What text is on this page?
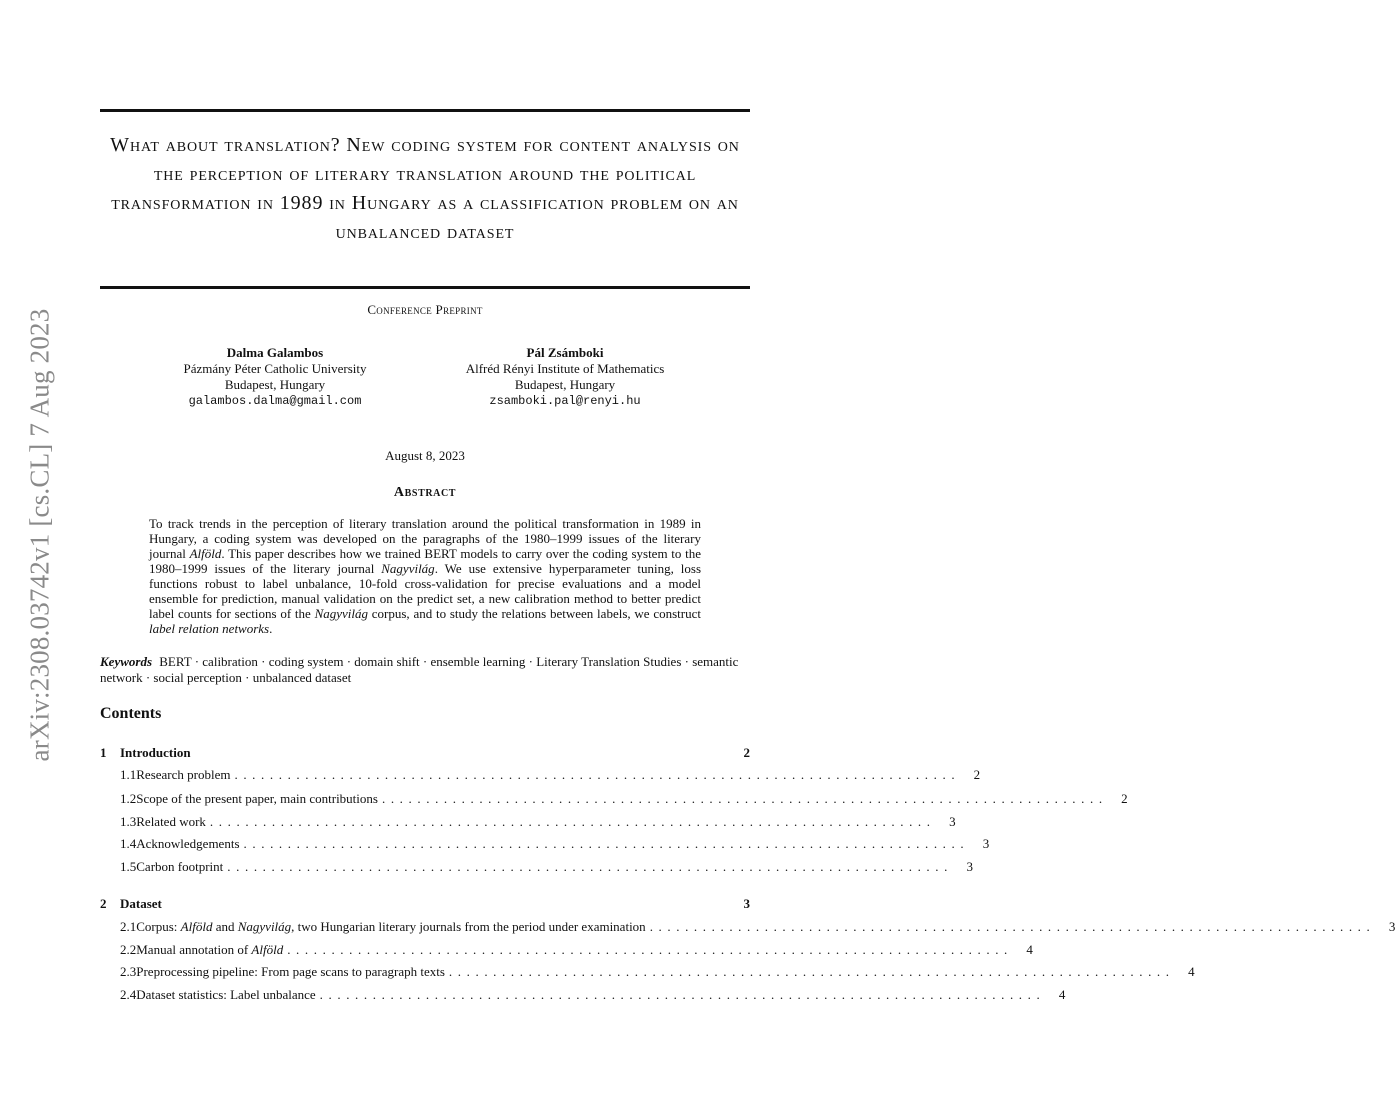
arXiv:2308.03742v1 [cs.CL] 7 Aug 2023
What about translation? New coding system for content analysis on the perception of literary translation around the political transformation in 1989 in Hungary as a classification problem on an unbalanced dataset
Conference Preprint
Dalma Galambos
Pázmány Péter Catholic University
Budapest, Hungary
galambos.dalma@gmail.com
Pál Zsámboki
Alfréd Rényi Institute of Mathematics
Budapest, Hungary
zsamboki.pal@renyi.hu
August 8, 2023
Abstract

To track trends in the perception of literary translation around the political transformation in 1989 in Hungary, a coding system was developed on the paragraphs of the 1980–1999 issues of the literary journal Alföld. This paper describes how we trained BERT models to carry over the coding system to the 1980–1999 issues of the literary journal Nagyvilág. We use extensive hyperparameter tuning, loss functions robust to label unbalance, 10-fold cross-validation for precise evaluations and a model ensemble for prediction, manual validation on the predict set, a new calibration method to better predict label counts for sections of the Nagyvilág corpus, and to study the relations between labels, we construct label relation networks.

Keywords BERT · calibration · coding system · domain shift · ensemble learning · Literary Translation Studies · semantic network · social perception · unbalanced dataset

Contents
1	Introduction	2
1.1 Research problem ..................................................................................	2
1.2 Scope of the present paper, main contributions ..................................................................................	2
1.3 Related work ..................................................................................	3
1.4 Acknowledgements ..................................................................................	3
1.5 Carbon footprint ..................................................................................	3
2	Dataset	3
2.1 Corpus: Alföld and Nagyvilág, two Hungarian literary journals from the period under examination ..................................................................................	3
2.2 Manual annotation of Alföld ..................................................................................	4
2.3 Preprocessing pipeline: From page scans to paragraph texts ..................................................................................	4
2.4 Dataset statistics: Label unbalance ..................................................................................	4
